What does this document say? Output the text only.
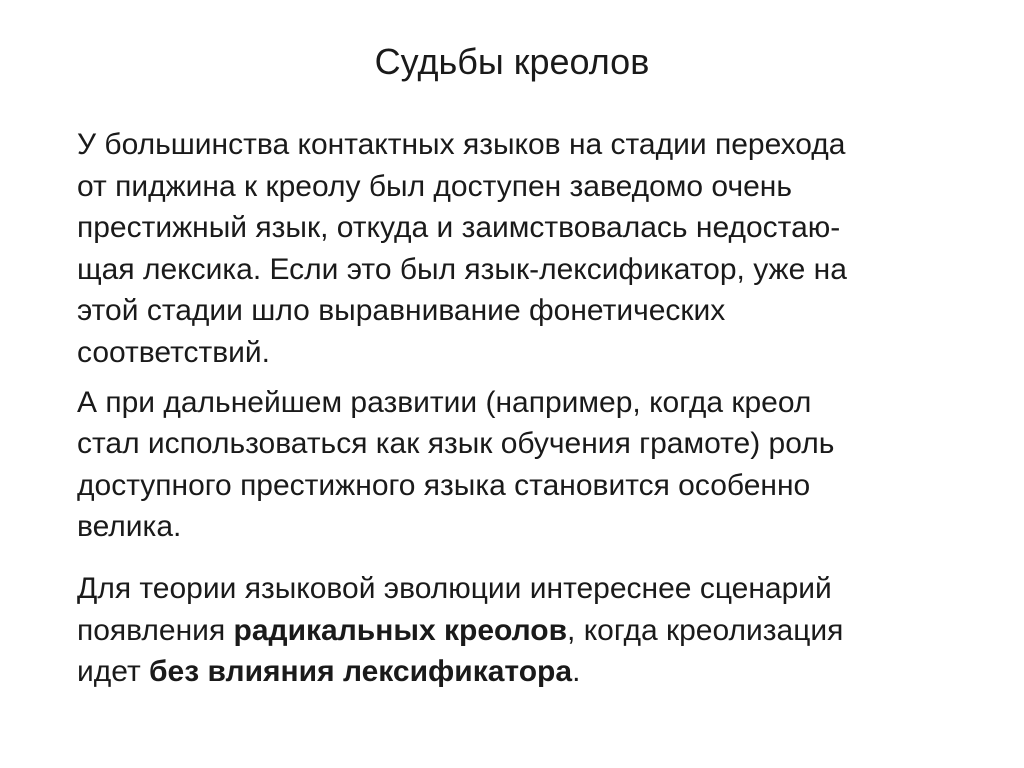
Судьбы креолов

У большинства контактных языков на стадии перехода
от пиджина к креолу был доступен заведомо очень
престижный язык, откуда и заимствовалась недостаю-
щая лексика. Если это был язык-лексификатор, уже на
этой стадии шло выравнивание фонетических
соответствий.

А при дальнейшем развитии (например, когда креол
стал использоваться как язык обучения грамоте) роль
доступного престижного языка становится особенно
велика.

Для теории языковой эволюции интереснее сценарий
появления радикальных креолов, когда креолизация
идет без влияния лексификатора.
